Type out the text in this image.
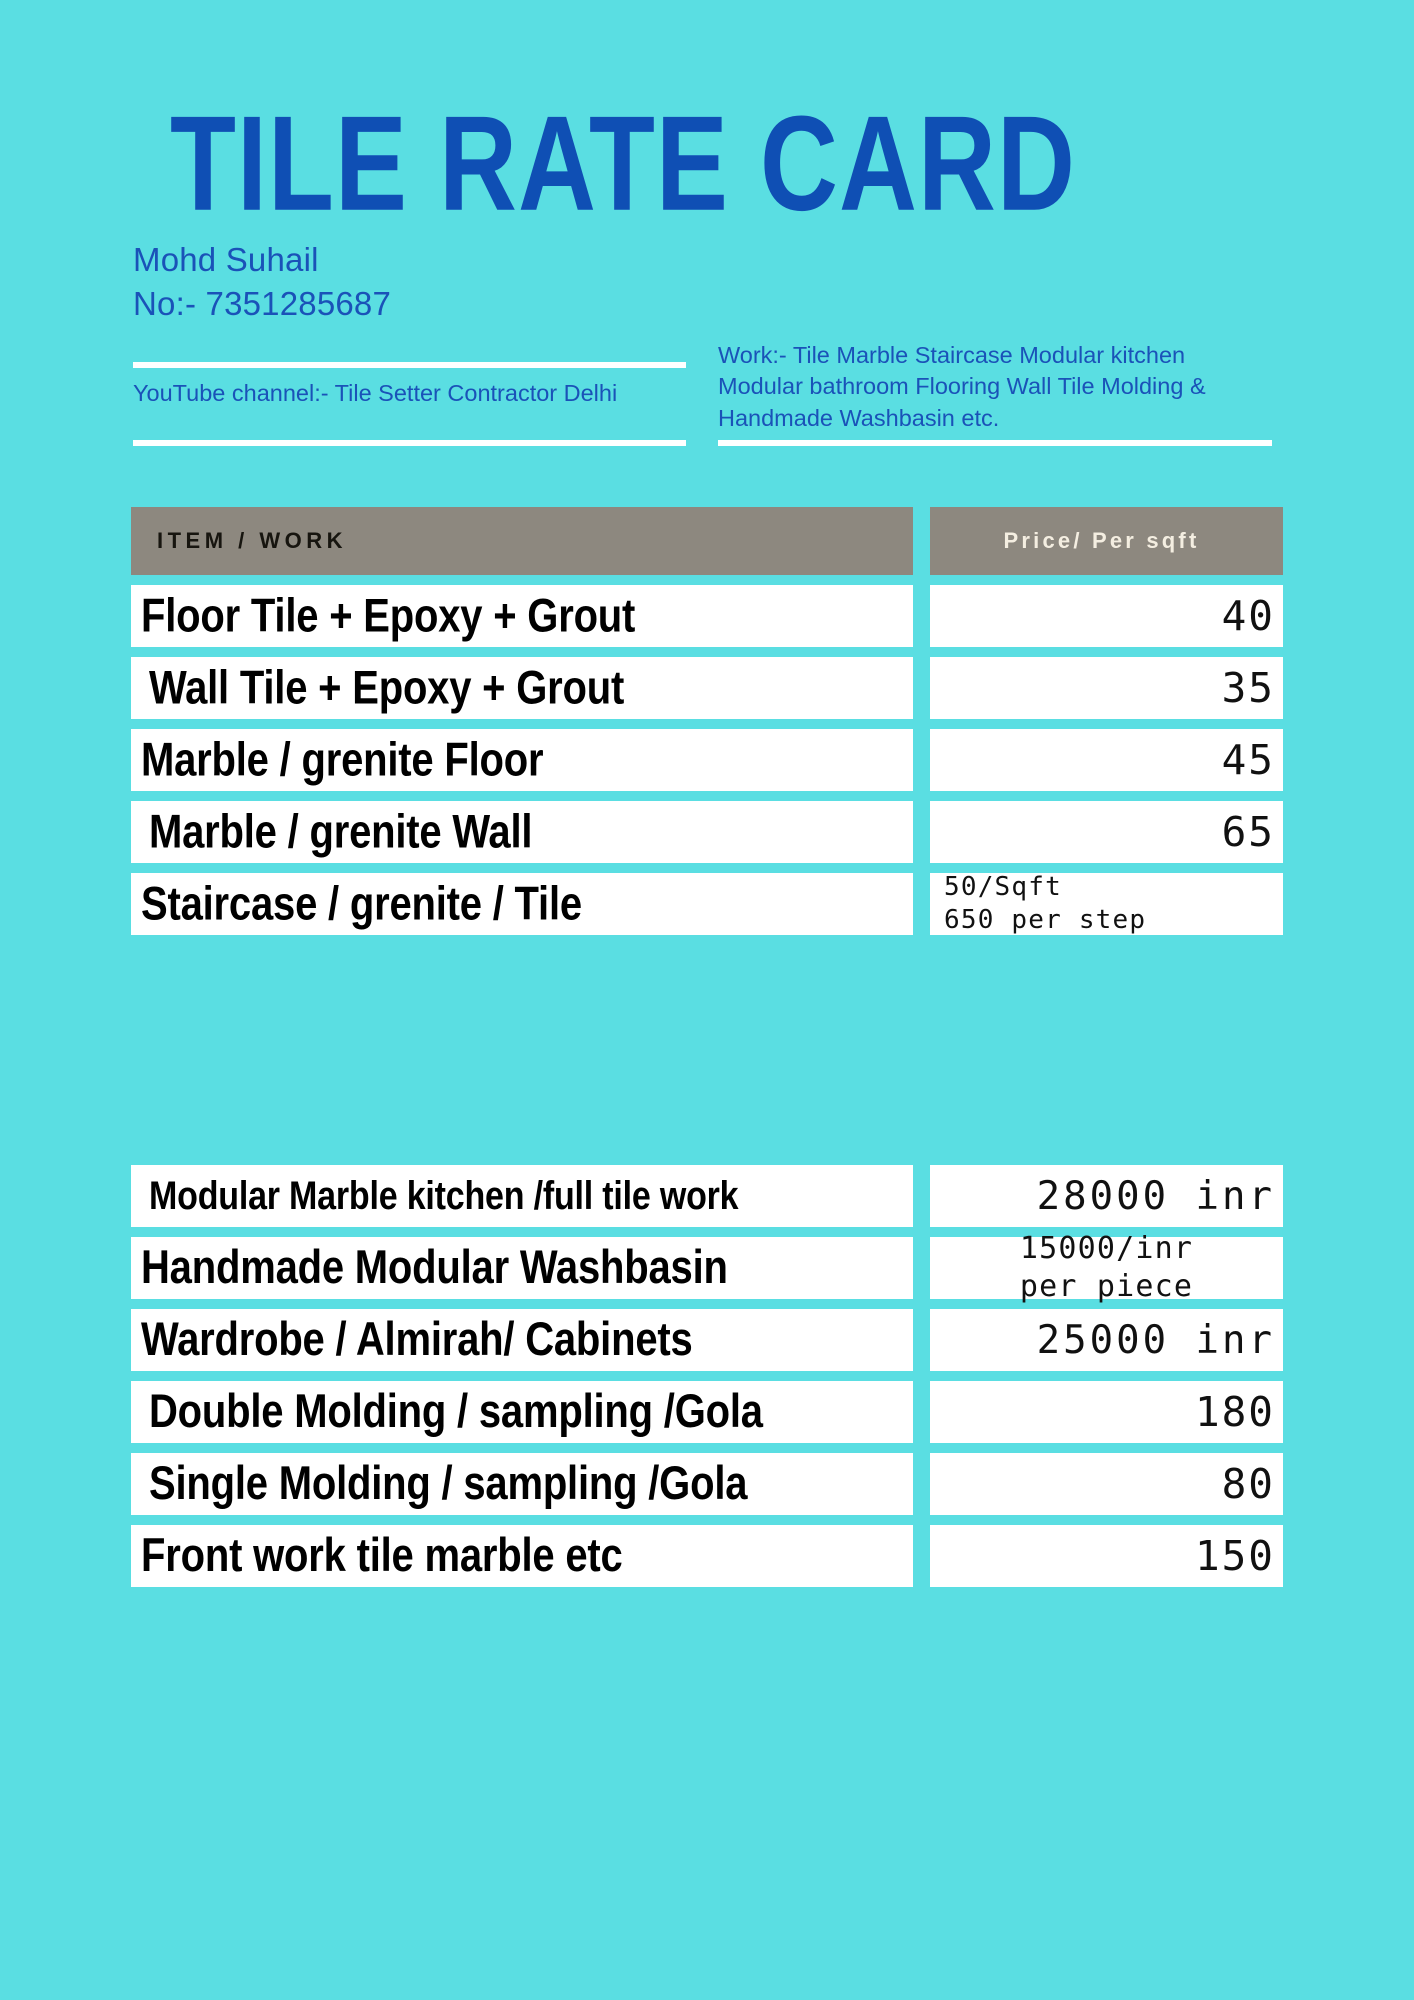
TILE RATE CARD
Mohd Suhail
No:- 7351285687
YouTube channel:- Tile Setter Contractor Delhi
Work:- Tile Marble Staircase Modular kitchen Modular bathroom Flooring Wall Tile Molding & Handmade Washbasin etc.
ITEM / WORK	Price/ Per sqft
Floor Tile + Epoxy + Grout	40
Wall Tile + Epoxy + Grout	35
Marble / grenite Floor	45
Marble / grenite Wall	65
Staircase / grenite / Tile	50/Sqft
650 per step
Modular Marble kitchen /full tile work	28000 inr
Handmade Modular Washbasin	15000/inr
per piece
Wardrobe / Almirah/ Cabinets	25000 inr
Double Molding / sampling /Gola	180
Single Molding / sampling /Gola	80
Front work tile marble etc	150
